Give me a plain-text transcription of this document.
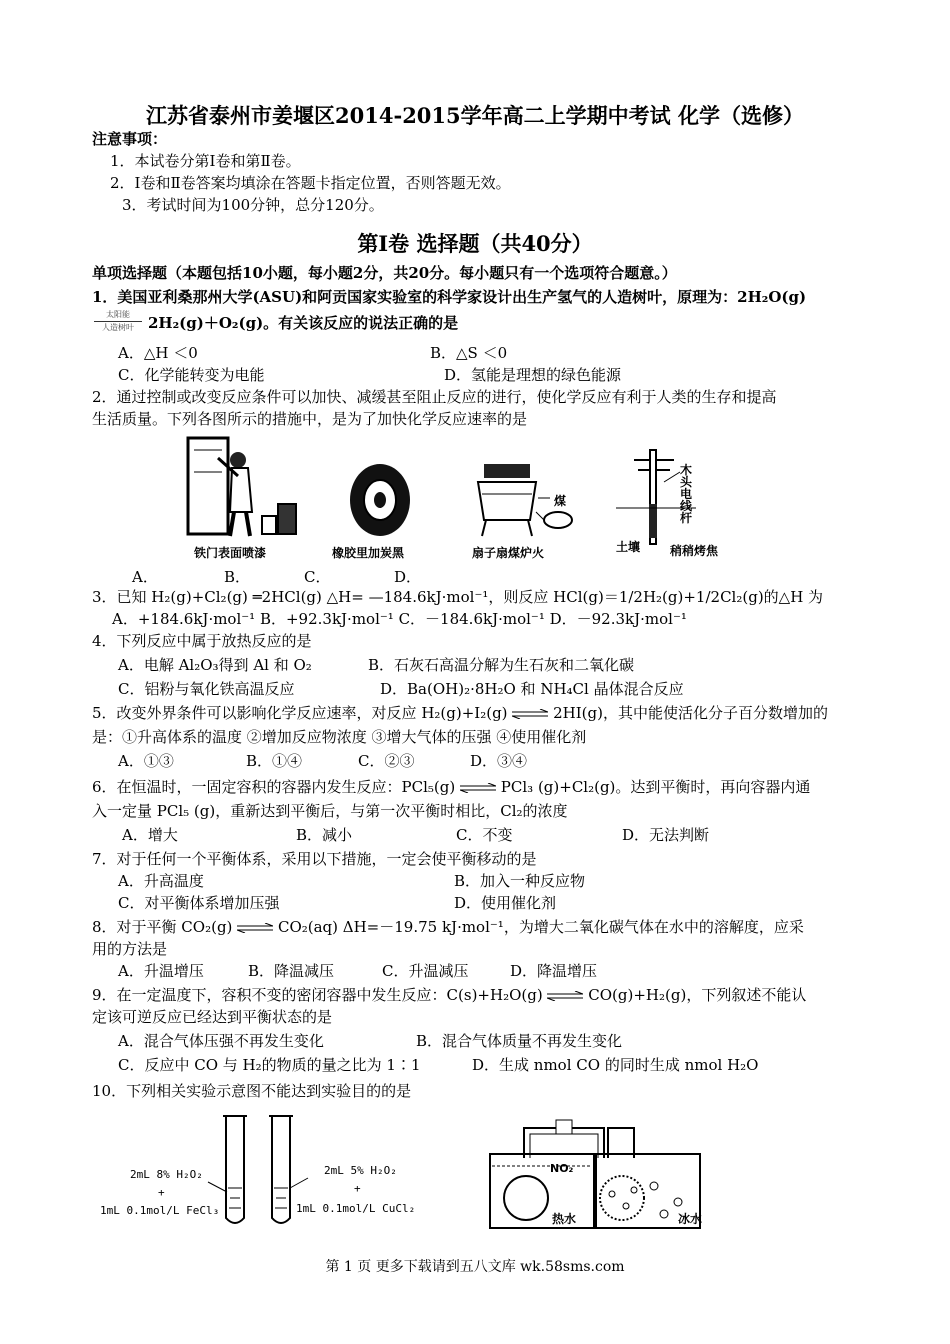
江苏省泰州市姜堰区2014-2015学年高二上学期中考试 化学（选修）
注意事项：
1．本试卷分第Ⅰ卷和第Ⅱ卷。
2．Ⅰ卷和Ⅱ卷答案均填涂在答题卡指定位置，否则答题无效。
3．考试时间为100分钟，总分120分。
第I卷 选择题（共40分）
单项选择题（本题包括10小题，每小题2分，共20分。每小题只有一个选项符合题意。）
1．美国亚利桑那州大学(ASU)和阿贡国家实验室的科学家设计出生产氢气的人造树叶，原理为：2H₂O(g)
太阳能
人造树叶 2H₂(g)＋O₂(g)。有关该反应的说法正确的是
A．△H ＜0	B．△S ＜0
C．化学能转变为电能	D．氢能是理想的绿色能源
2．通过控制或改变反应条件可以加快、减缓甚至阻止反应的进行，使化学反应有利于人类的生存和提高
生活质量。下列各图所示的措施中，是为了加快化学反应速率的是
铁门表面喷漆	橡胶里加炭黑
煤
扇子扇煤炉火
木
头
电
线
杆
土壤 稍稍烤焦
A．	B．	C．	D．
3．已知 H₂(g)+Cl₂(g) ═2HCl(g) △H= —184.6kJ·mol⁻¹，则反应 HCl(g)＝1/2H₂(g)+1/2Cl₂(g)的△H 为
A．+184.6kJ·mol⁻¹ B．+92.3kJ·mol⁻¹ C．－184.6kJ·mol⁻¹ D．－92.3kJ·mol⁻¹
4．下列反应中属于放热反应的是
A．电解 Al₂O₃得到 Al 和 O₂	B．石灰石高温分解为生石灰和二氧化碳
C．铝粉与氧化铁高温反应	D．Ba(OH)₂·8H₂O 和 NH₄Cl 晶体混合反应
5．改变外界条件可以影响化学反应速率，对反应 H₂(g)+I₂(g) ⇌ 2HI(g)，其中能使活化分子百分数增加的
是：①升高体系的温度 ②增加反应物浓度 ③增大气体的压强 ④使用催化剂
A．①③	B．①④	C．②③	D．③④
6．在恒温时，一固定容积的容器内发生反应：PCl₅(g) ⇌ PCl₃ (g)+Cl₂(g)。达到平衡时，再向容器内通
入一定量 PCl₅ (g)，重新达到平衡后，与第一次平衡时相比，Cl₂的浓度
A．增大	B．减小	C．不变	D．无法判断
7．对于任何一个平衡体系，采用以下措施，一定会使平衡移动的是
A．升高温度	B．加入一种反应物
C．对平衡体系增加压强	D．使用催化剂
8．对于平衡 CO₂(g) ⇌ CO₂(aq) ΔH=－19.75 kJ·mol⁻¹，为增大二氧化碳气体在水中的溶解度，应采
用的方法是
A．升温增压	B．降温减压	C．升温减压	D．降温增压
9．在一定温度下，容积不变的密闭容器中发生反应：C(s)+H₂O(g) ⇌ CO(g)+H₂(g)，下列叙述不能认
定该可逆反应已经达到平衡状态的是
A．混合气体压强不再发生变化	B．混合气体质量不再发生变化
C．反应中 CO 与 H₂的物质的量之比为 1∶1	D．生成 nmol CO 的同时生成 nmol H₂O
10．下列相关实验示意图不能达到实验目的的是
2mL 8% H₂O₂
+
1mL 0.1mol/L FeCl₃
2mL 5% H₂O₂
+
1mL 0.1mol/L CuCl₂
NO₂
热水	冰水
第 1 页 更多下载请到五八文库 wk.58sms.com
